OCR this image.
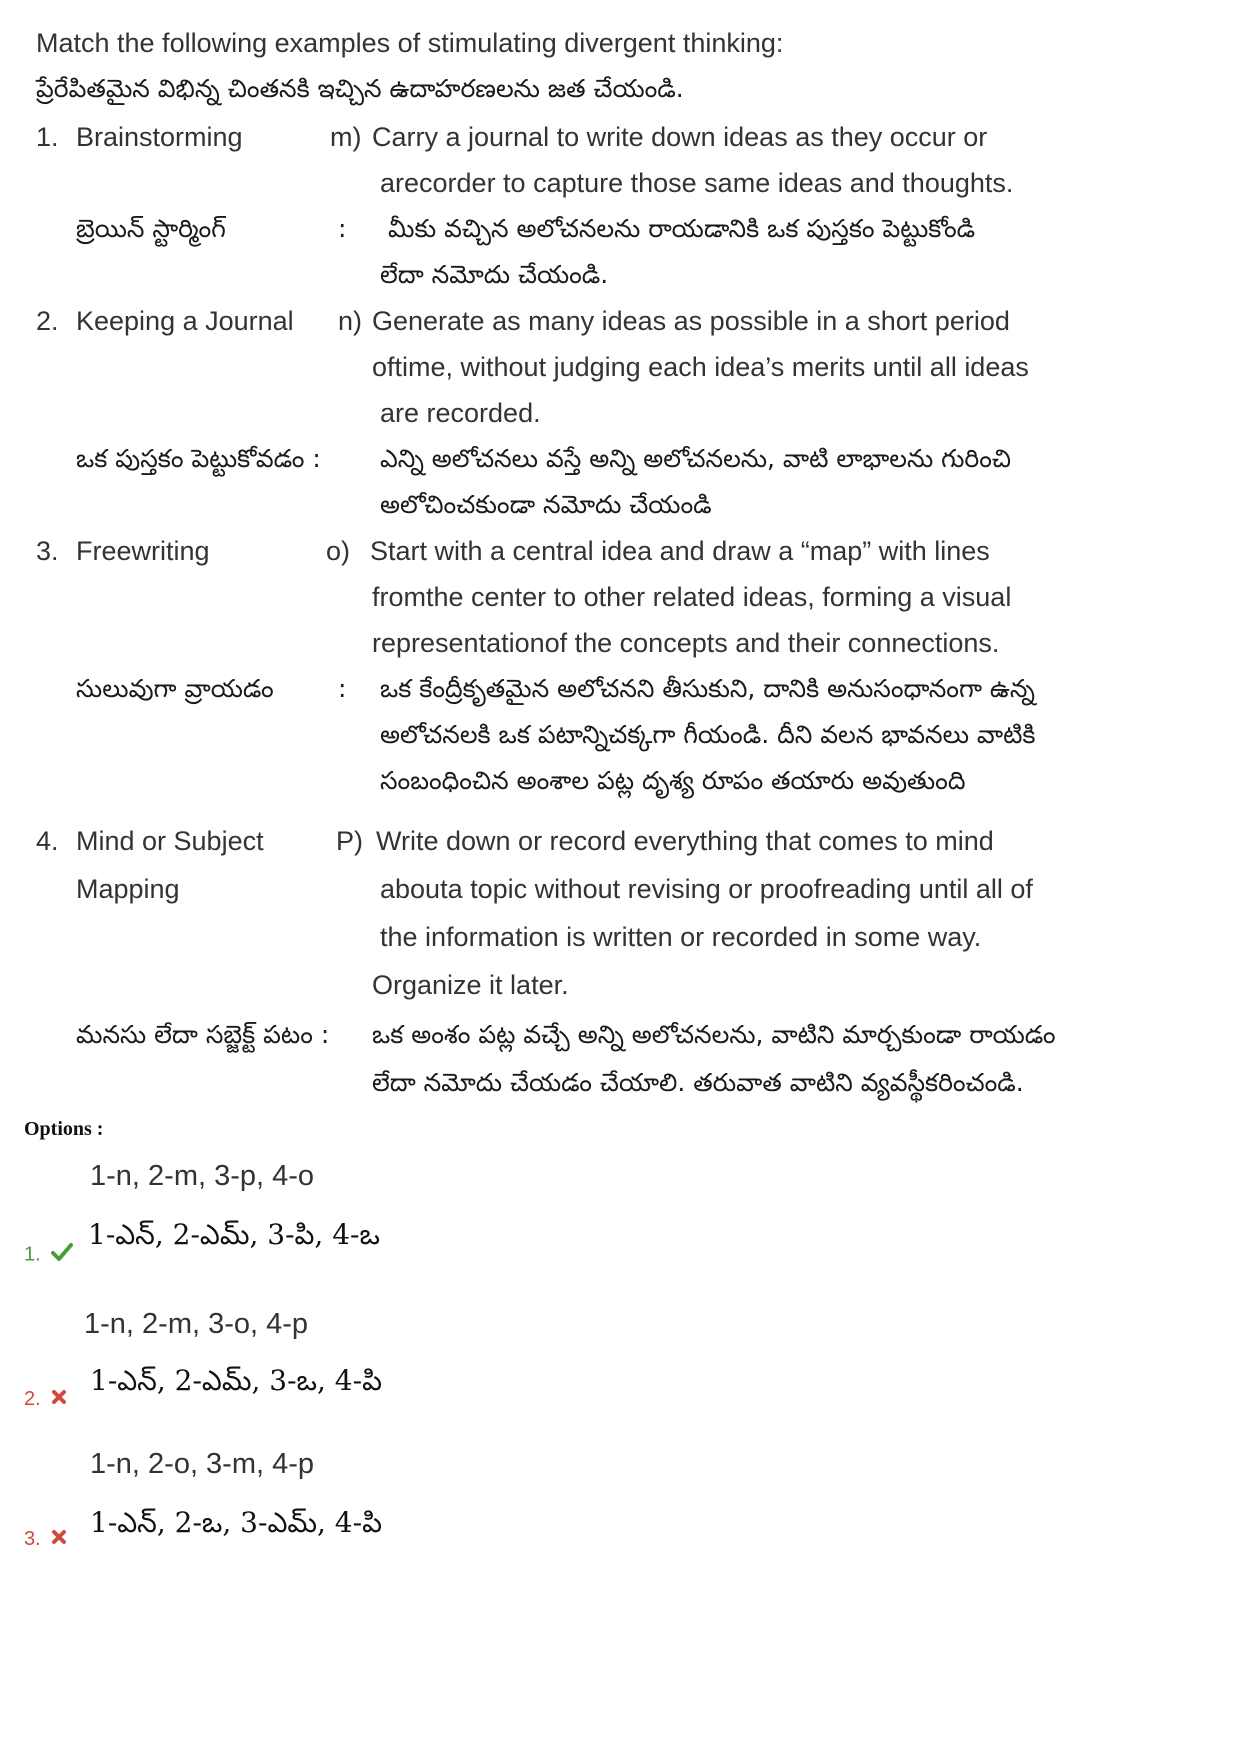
Match the following examples of stimulating divergent thinking:
ప్రేరేపితమైన విభిన్న చింతనకి ఇచ్చిన ఉదాహరణలను జత చేయండి.
1. Brainstorming	m) Carry a journal to write down ideas as they occur or
arecorder to capture those same ideas and thoughts.
బ్రెయిన్ స్టార్మింగ్	: మీకు వచ్చిన అలోచనలను రాయడానికి ఒక పుస్తకం పెట్టుకోండి
లేదా నమోదు చేయండి.
2. Keeping a Journal n) Generate as many ideas as possible in a short period
oftime, without judging each idea’s merits until all ideas
are recorded.
ఒక పుస్తకం పెట్టుకోవడం : ఎన్ని అలోచనలు వస్తే అన్ని అలోచనలను, వాటి లాభాలను గురించి
అలోచించకుండా నమోదు చేయండి
3. Freewriting	o) Start with a central idea and draw a “map” with lines
fromthe center to other related ideas, forming a visual
representationof the concepts and their connections.
సులువుగా వ్రాయడం	: ఒక కేంద్రీకృతమైన అలోచనని తీసుకుని, దానికి అనుసంధానంగా ఉన్న
అలోచనలకి ఒక పటాన్నిచక్కగా గీయండి. దీని వలన భావనలు వాటికి
సంబంధించిన అంశాల పట్ల దృశ్య రూపం తయారు అవుతుంది
4. Mind or Subject
Mapping
P) Write down or record everything that comes to mind
abouta topic without revising or proofreading until all of
the information is written or recorded in some way.
Organize it later.
మనసు లేదా సబ్జెక్ట్ పటం : ఒక అంశం పట్ల వచ్చే అన్ని అలోచనలను, వాటిని మార్చకుండా రాయడం
లేదా నమోదు చేయడం చేయాలి. తరువాత వాటిని వ్యవస్థీకరించండి.
Options :
1-n, 2-m, 3-p, 4-o
1.
1-ఎన్, 2-ఎమ్, 3-పి, 4-ఒ
1-n, 2-m, 3-o, 4-p
2.
1-ఎన్, 2-ఎమ్, 3-ఒ, 4-పి
1-n, 2-o, 3-m, 4-p
3.	1-ఎన్, 2-ఒ, 3-ఎమ్, 4-పి
